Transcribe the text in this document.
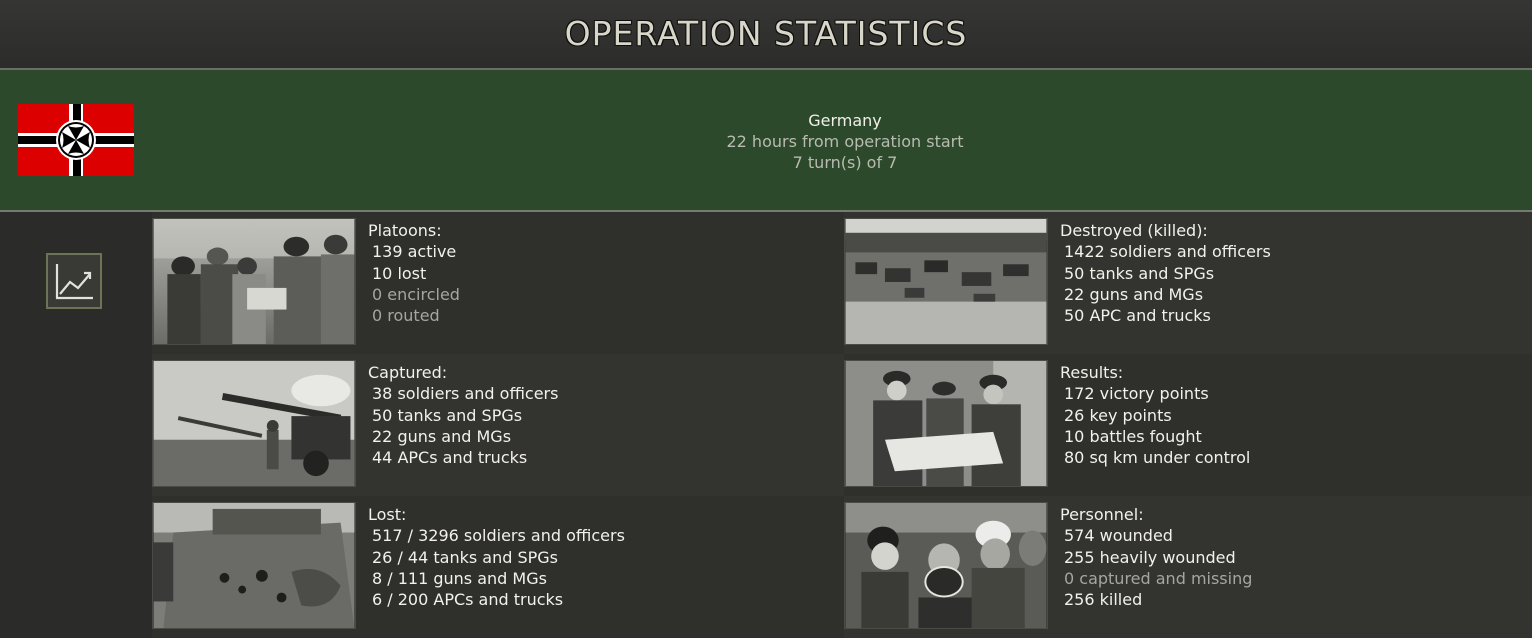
OPERATION STATISTICS
Germany
22 hours from operation start
7 turn(s) of 7
Platoons:
139 active
10 lost
0 encircled
0 routed
Destroyed (killed):
1422 soldiers and officers
50 tanks and SPGs
22 guns and MGs
50 APC and trucks
Captured:
38 soldiers and officers
50 tanks and SPGs
22 guns and MGs
44 APCs and trucks
Results:
172 victory points
26 key points
10 battles fought
80 sq km under control
Lost:
517 / 3296 soldiers and officers
26 / 44 tanks and SPGs
8 / 111 guns and MGs
6 / 200 APCs and trucks
Personnel:
574 wounded
255 heavily wounded
0 captured and missing
256 killed
